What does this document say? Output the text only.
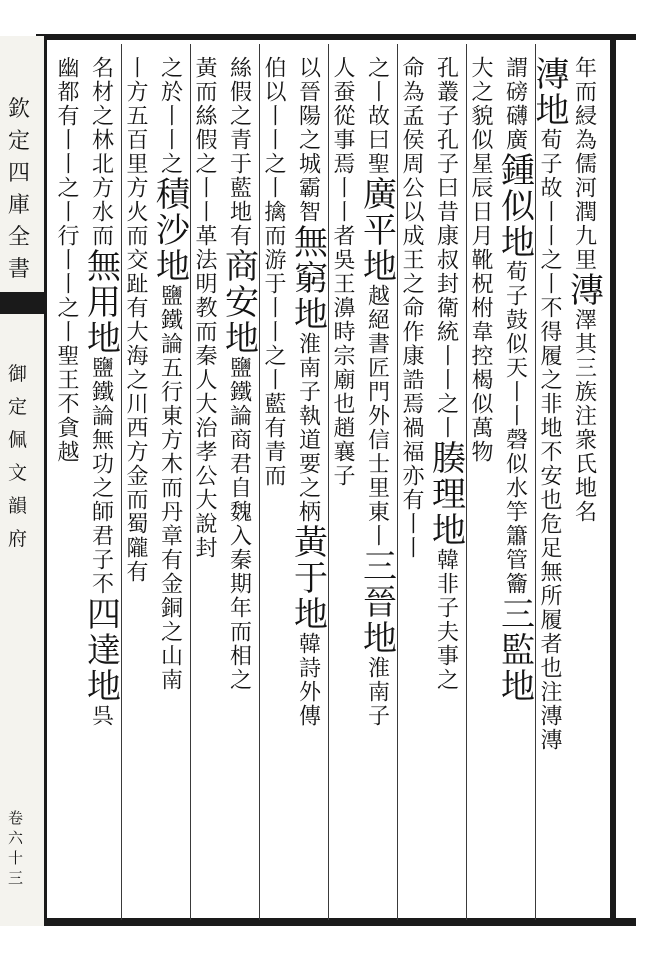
欽定四庫全書
御定佩文韻府
卷六十三
年而綅為儒河潤九里漙澤其三族注衆氏地名
漙地荀子故丨丨之丨不得履之非地不安也危足無所履者也注漙漙
謂磅礴廣鍾似地荀子鼓似天丨丨磬似水竽簫管籥三監地
大之貌似星辰日月靴柷柎韋控楬似萬物
孔叢子孔子曰昔康叔封衛統丨丨之丨腠理地韓非子夫事之
命為孟侯周公以成王之命作康誥焉禍福亦有丨丨
之丨故曰聖廣平地越絕書匠門外信士里東丨三晉地淮南子
人蚕從事焉丨丨者吳王濞時宗廟也趙襄子
以晉陽之城霸智無窮地淮南子執道要之柄黃于地韓詩外傳
伯以丨丨之丨擒而游于丨丨之丨藍有青而
絲假之青于藍地有商安地鹽鐵論商君自魏入秦期年而相之
黃而絲假之丨丨革法明教而秦人大治孝公大說封
之於丨丨之積沙地鹽鐵論五行東方木而丹章有金銅之山南
丨方五百里方火而交趾有大海之川西方金而蜀隴有
名材之林北方水而無用地鹽鐵論無功之師君子不四達地呉
幽都有丨丨之丨行丨丨之丨聖王不貪越
